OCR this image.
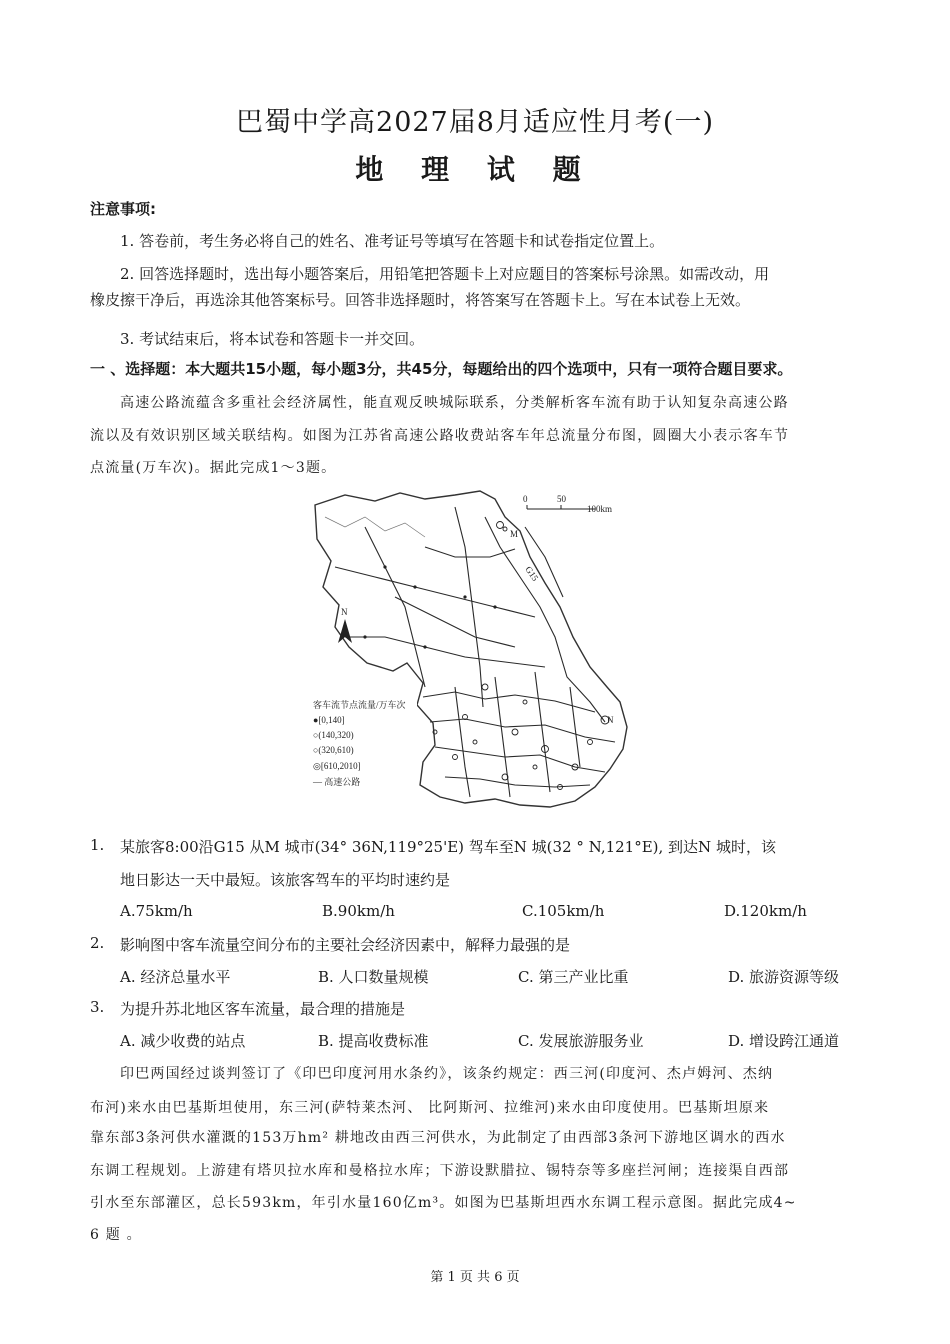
巴蜀中学高2027届8月适应性月考(一)
地 理 试 题
注意事项:
1. 答卷前，考生务必将自己的姓名、准考证号等填写在答题卡和试卷指定位置上。
2. 回答选择题时，选出每小题答案后，用铅笔把答题卡上对应题目的答案标号涂黑。如需改动，用
橡皮擦干净后，再选涂其他答案标号。回答非选择题时，将答案写在答题卡上。写在本试卷上无效。
3. 考试结束后，将本试卷和答题卡一并交回。
一 、选择题：本大题共15小题，每小题3分，共45分，每题给出的四个选项中，只有一项符合题目要求。
高速公路流蕴含多重社会经济属性，能直观反映城际联系，分类解析客车流有助于认知复杂高速公路
流以及有效识别区域关联结构。如图为江苏省高速公路收费站客车年总流量分布图，圆圈大小表示客车节
点流量(万车次)。据此完成1～3题。
0	50
100km
M
G15
N
N
客车流节点流量/万车次
●[0,140]
○(140,320)
○(320,610)
◎[610,2010]
— 高速公路
1. 某旅客8:00沿G15 从M 城市(34° 36N,119°25'E) 驾车至N 城(32 ° N,121°E), 到达N 城时，该
地日影达一天中最短。该旅客驾车的平均时速约是
A.75km/h	B.90km/h	C.105km/h	D.120km/h
2. 影响图中客车流量空间分布的主要社会经济因素中，解释力最强的是
A. 经济总量水平	B. 人口数量规模	C. 第三产业比重	D. 旅游资源等级
3. 为提升苏北地区客车流量，最合理的措施是
A. 减少收费的站点	B. 提高收费标准	C. 发展旅游服务业	D. 增设跨江通道
印巴两国经过谈判签订了《印巴印度河用水条约》，该条约规定：西三河(印度河、杰卢姆河、杰纳
布河)来水由巴基斯坦使用，东三河(萨特莱杰河、 比阿斯河、拉维河)来水由印度使用。巴基斯坦原来
靠东部3条河供水灌溉的153万hm² 耕地改由西三河供水，为此制定了由西部3条河下游地区调水的西水
东调工程规划。上游建有塔贝拉水库和曼格拉水库；下游设默腊拉、锡特奈等多座拦河闸；连接渠自西部
引水至东部灌区，总长593km，年引水量160亿m³。如图为巴基斯坦西水东调工程示意图。据此完成4~
6 题 。
第 1 页 共 6 页
